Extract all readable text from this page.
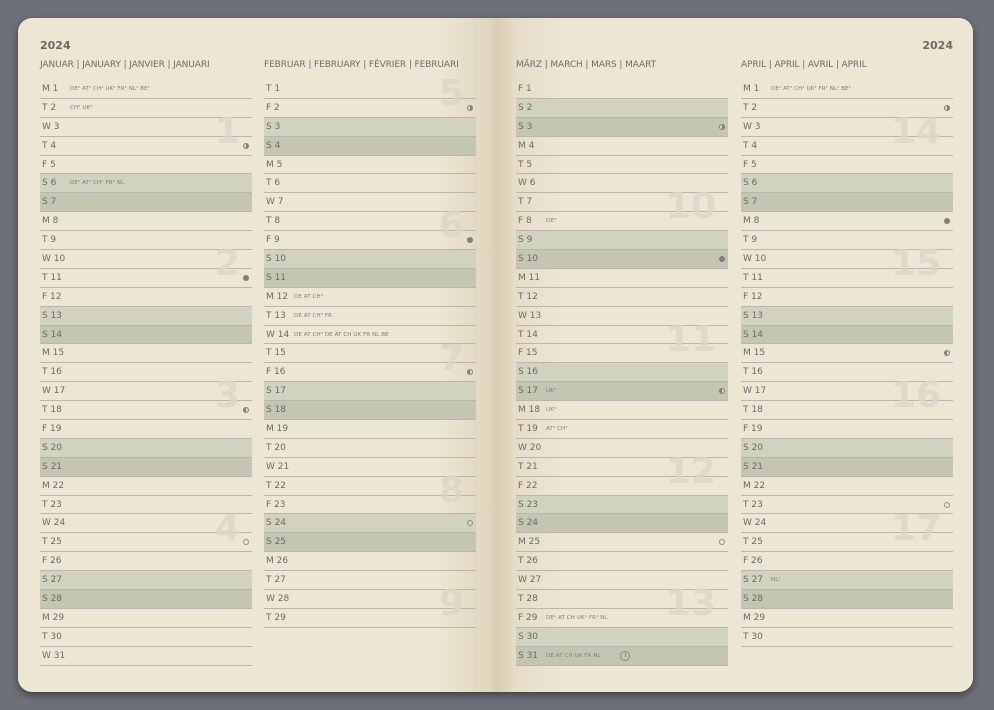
2024	2024
JANUAR | JANUARY | JANVIER | JANUARI
M 1 DE¹ AT¹ CH¹ UK¹ FR¹ NL¹ BE¹
T 2	CH² UK³
W 3
T 4
F 5
S 6 DE² AT¹ CH² FR³ NL
S 7
M 8
T 9
W 10
T 11
F 12
S 13
S 14
M 15
T 16
W 17
T 18
F 19
S 20
S 21
M 22
T 23
W 24
T 25
F 26
S 27
S 28
M 29
T 30
W 31
1
2
3
4
FEBRUAR | FEBRUARY | FÉVRIER | FEBRUARI
T 1
F 2
S 3
S 4
M 5
T 6
W 7
T 8
F 9
S 10
S 11
M 12 DE AT CH³
T 13 DE AT CH³ FR
W 14 DE AT CH³ DE AT CH UK FR NL BE
T 15
F 16
S 17
S 18
M 19
T 20
W 21
T 22
F 23
S 24
S 25
M 26
T 27
W 28
T 29
5
6
7
8
9
MÄRZ | MARCH | MARS | MAART
F 1
S 2
S 3
M 4
T 5
W 6
T 7
F 8	DE³
S 9
S 10
M 11
T 12
W 13
T 14
F 15
S 16
S 17 UK³
M 18 UK³
T 19 AT³ CH³
W 20
T 21
F 22
S 23
S 24
M 25
T 26
W 27
T 28
F 29 DE¹ AT CH UK¹ FR³ NL
S 30
S 31 DE AT CH UK FR NL
10
11
12
13
APRIL | APRIL | AVRIL | APRIL
M 1 DE¹ AT¹ CH¹ UK¹ FR¹ NL¹ BE¹
T 2
W 3
T 4
F 5
S 6
S 7
M 8
T 9
W 10
T 11
F 12
S 13
S 14
M 15
T 16
W 17
T 18
F 19
S 20
S 21
M 22
T 23
W 24
T 25
F 26
S 27 NL¹
S 28
M 29
T 30
14
15
16
17
